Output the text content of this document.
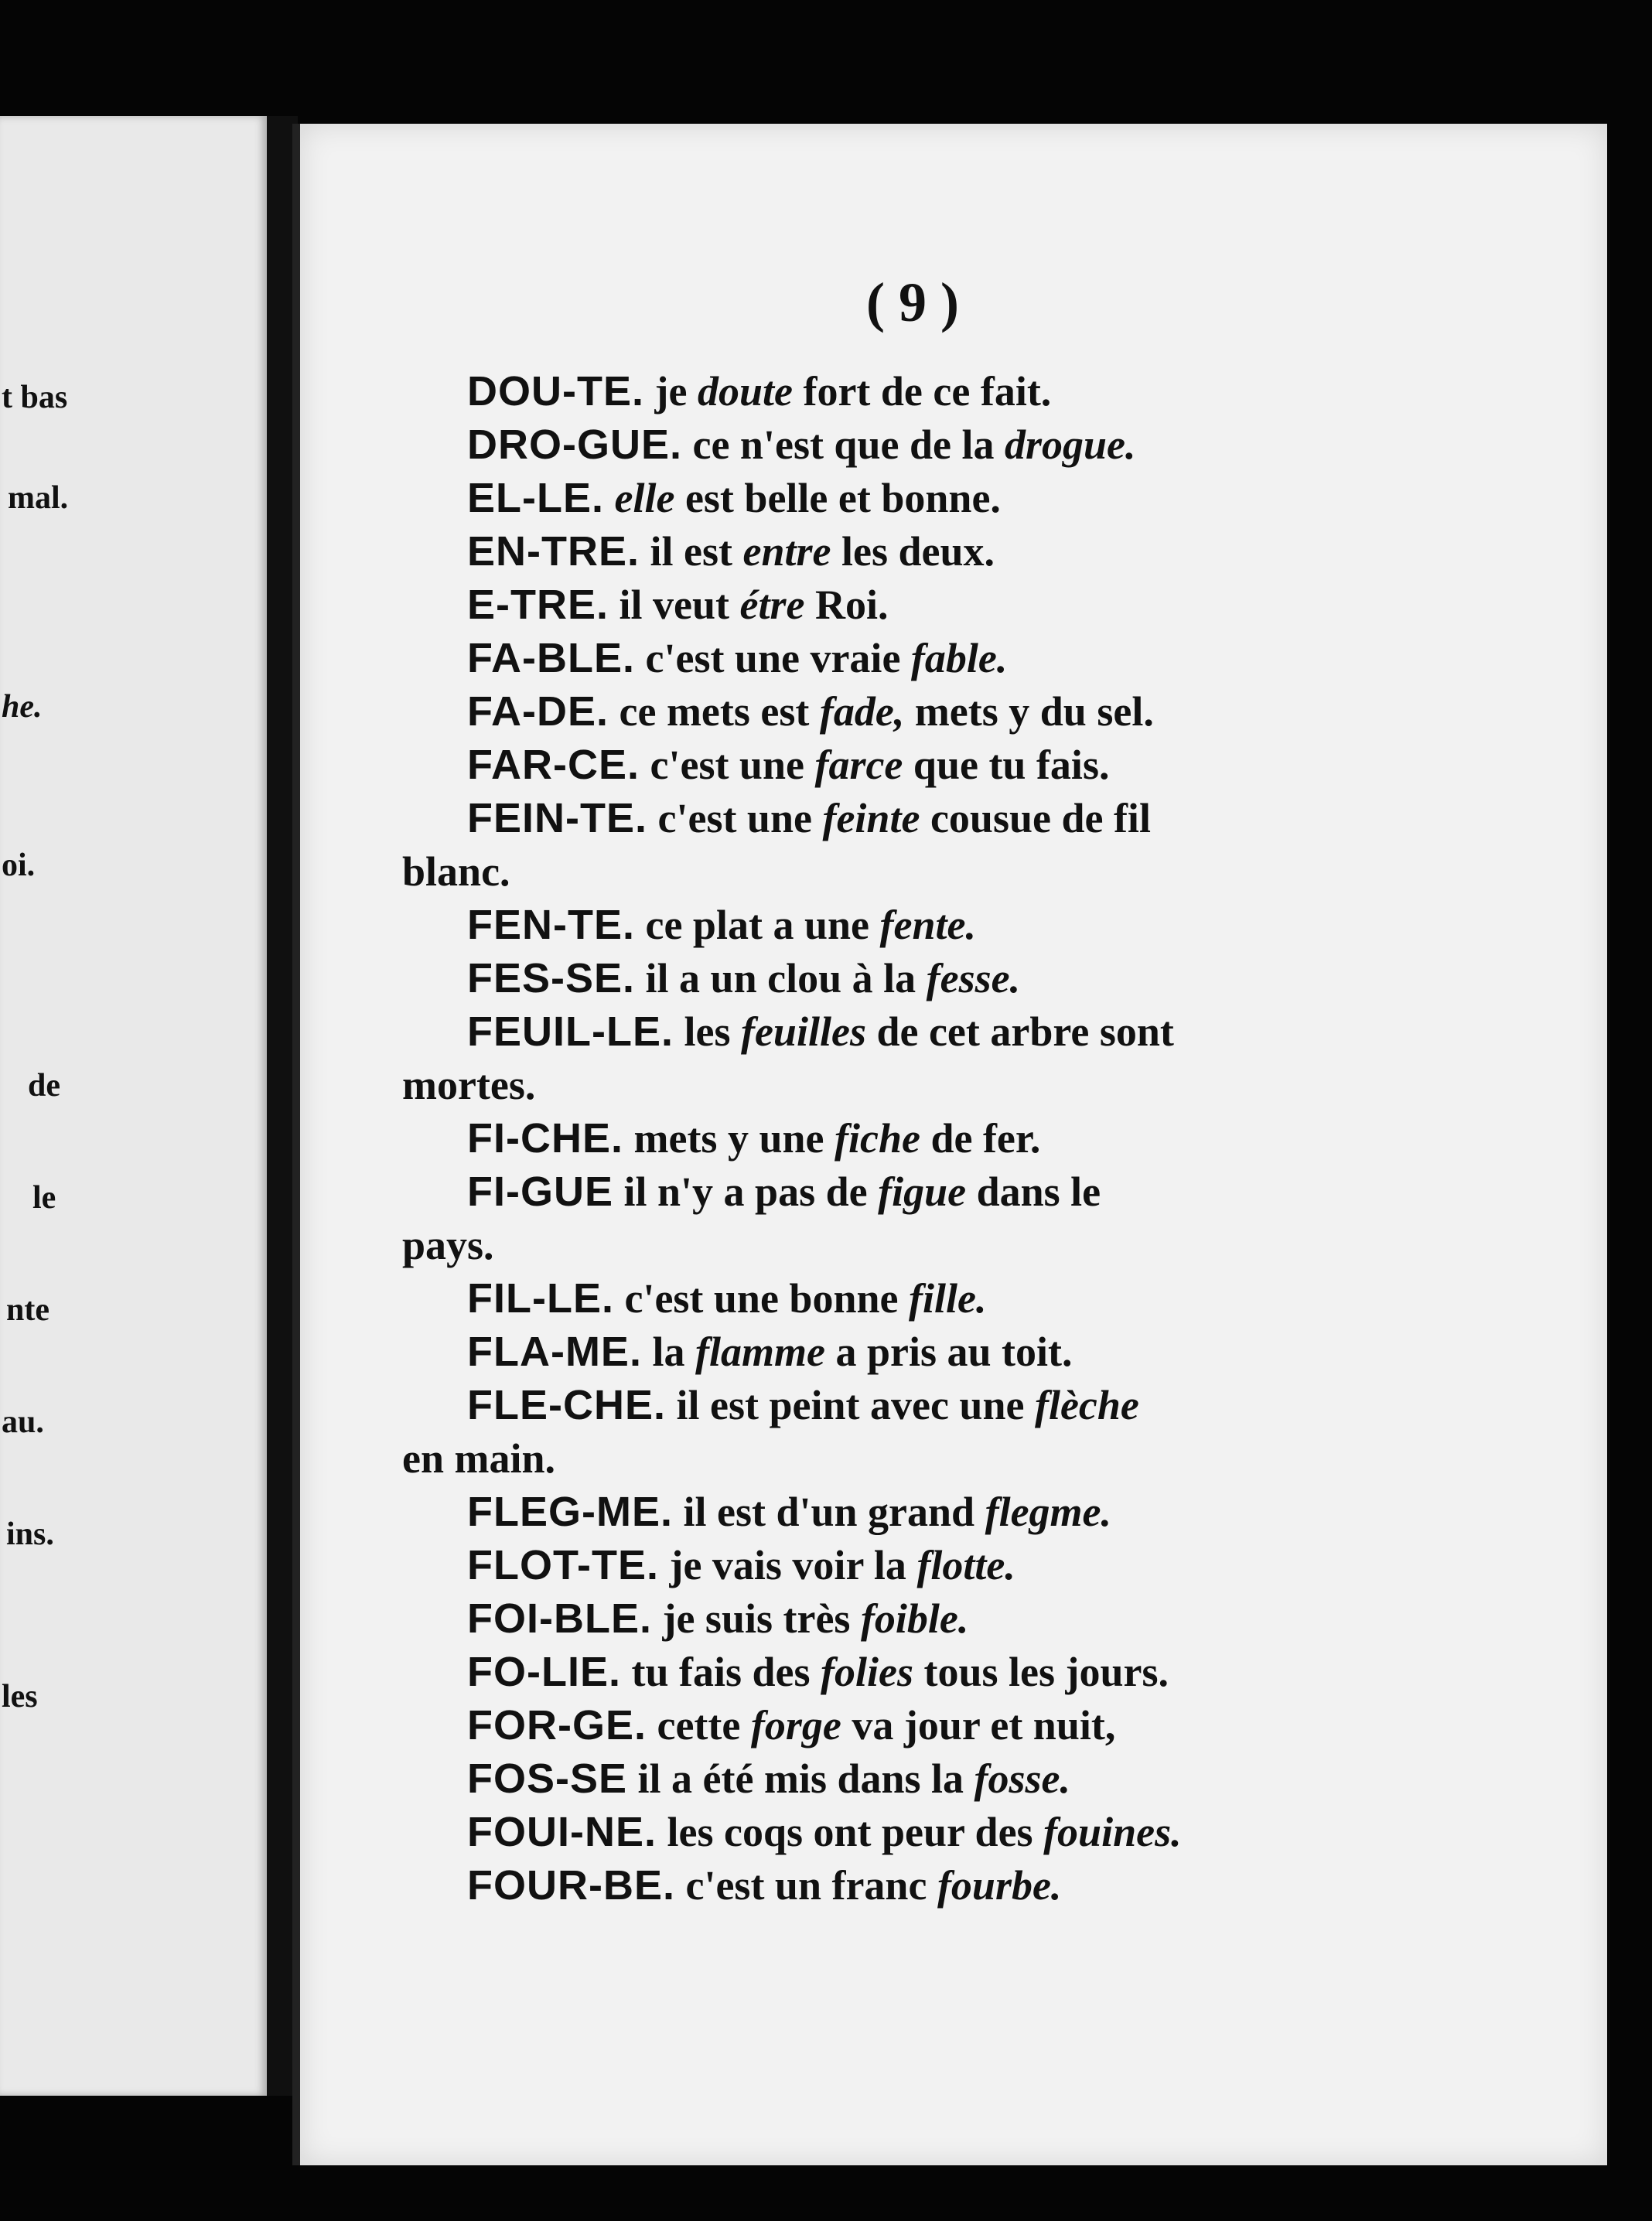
t bas
mal.
he.
oi.
de
le
nte
au.
ins.
les
( 9 )
DOU-TE. je doute fort de ce fait.
DRO-GUE. ce n'est que de la drogue.
EL-LE. elle est belle et bonne.
EN-TRE. il est entre les deux.
E-TRE. il veut étre Roi.
FA-BLE. c'est une vraie fable.
FA-DE. ce mets est fade, mets y du sel.
FAR-CE. c'est une farce que tu fais.
FEIN-TE. c'est une feinte cousue de fil
blanc.
FEN-TE. ce plat a une fente.
FES-SE. il a un clou à la fesse.
FEUIL-LE. les feuilles de cet arbre sont
mortes.
FI-CHE. mets y une fiche de fer.
FI-GUE il n'y a pas de figue dans le
pays.
FIL-LE. c'est une bonne fille.
FLA-ME. la flamme a pris au toit.
FLE-CHE. il est peint avec une flèche
en main.
FLEG-ME. il est d'un grand flegme.
FLOT-TE. je vais voir la flotte.
FOI-BLE. je suis très foible.
FO-LIE. tu fais des folies tous les jours.
FOR-GE. cette forge va jour et nuit,
FOS-SE il a été mis dans la fosse.
FOUI-NE. les coqs ont peur des fouines.
FOUR-BE. c'est un franc fourbe.
